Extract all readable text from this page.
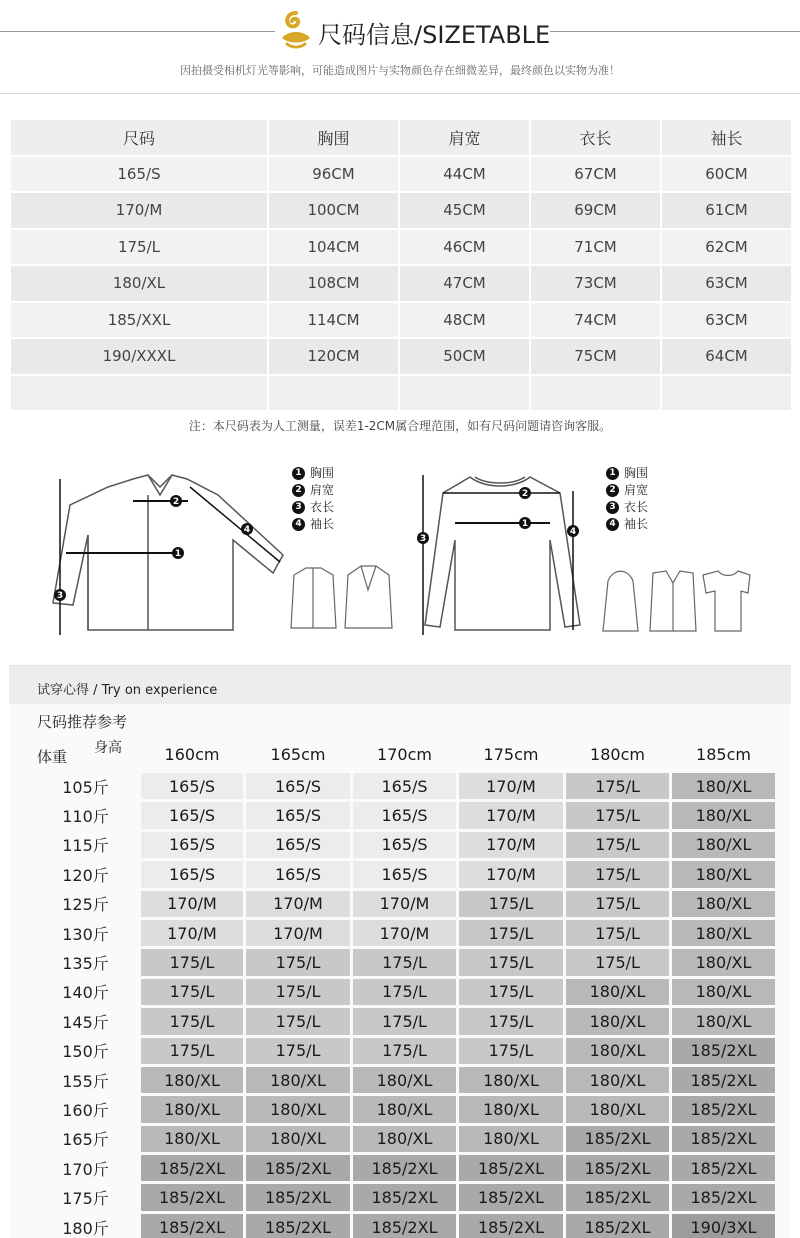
尺码信息/SIZETABLE
因拍摄受相机灯光等影响，可能造成图片与实物颜色存在细微差异，最终颜色以实物为准！
尺码	胸围	肩宽	衣长	袖长
165/S	96CM	44CM	67CM	60CM
170/M	100CM	45CM	69CM	61CM
175/L	104CM	46CM	71CM	62CM
180/XL	108CM	47CM	73CM	63CM
185/XXL	114CM	48CM	74CM	63CM
190/XXXL	120CM	50CM	75CM	64CM

注：本尺码表为人工测量，误差1-2CM属合理范围，如有尺码问题请咨询客服。
1
2
3
4
1 胸围
2 肩宽
3 衣长
4 袖长	1
2
3
4
1 胸围
2 肩宽
3 衣长
4 袖长
试穿心得 / Try on experience
尺码推荐参考
	160cm	165cm	170cm	175cm	180cm	185cm
105斤	165/S	165/S	165/S	170/M	175/L	180/XL
110斤	165/S	165/S	165/S	170/M	175/L	180/XL
115斤	165/S	165/S	165/S	170/M	175/L	180/XL
120斤	165/S	165/S	165/S	170/M	175/L	180/XL
125斤	170/M	170/M	170/M	175/L	175/L	180/XL
130斤	170/M	170/M	170/M	175/L	175/L	180/XL
135斤	175/L	175/L	175/L	175/L	175/L	180/XL
140斤	175/L	175/L	175/L	175/L	180/XL	180/XL
145斤	175/L	175/L	175/L	175/L	180/XL	180/XL
150斤	175/L	175/L	175/L	175/L	180/XL	185/2XL
155斤	180/XL	180/XL	180/XL	180/XL	180/XL	185/2XL
160斤	180/XL	180/XL	180/XL	180/XL	180/XL	185/2XL
165斤	180/XL	180/XL	180/XL	180/XL	185/2XL	185/2XL
170斤	185/2XL	185/2XL	185/2XL	185/2XL	185/2XL	185/2XL
175斤	185/2XL	185/2XL	185/2XL	185/2XL	185/2XL	185/2XL
180斤	185/2XL	185/2XL	185/2XL	185/2XL	185/2XL	190/3XL
身高
体重
